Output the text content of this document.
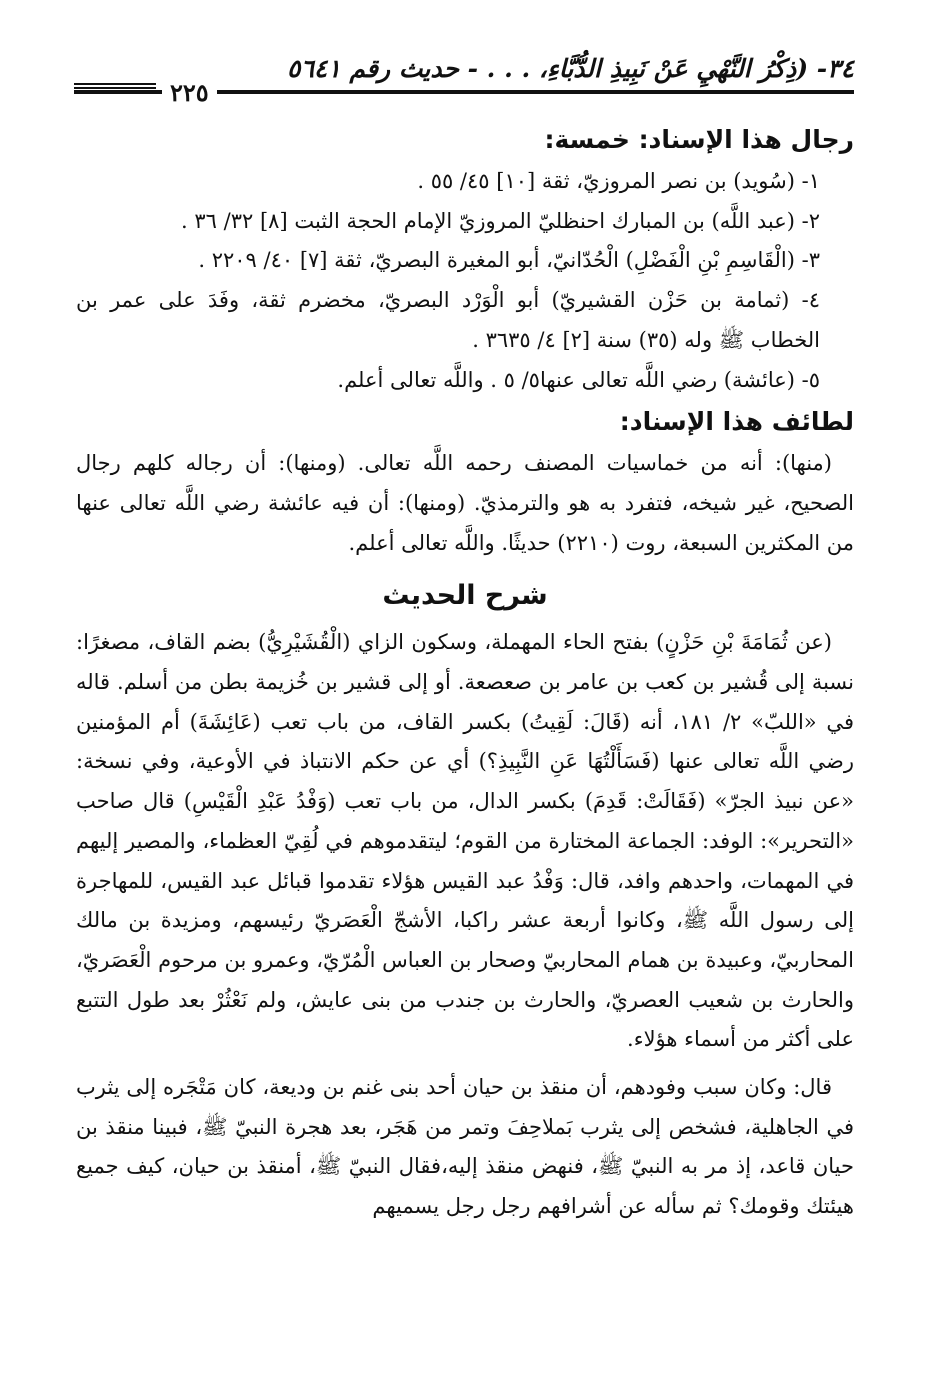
٣٤- (ذِكْرُ النَّهْيِ عَنْ نَبِيذِ الدُّبَّاءِ، . . . - حديث رقم ٥٦٤١
٢٢٥

رجال هذا الإسناد: خمسة:

١- (سُويد) بن نصر المروزيّ، ثقة [١٠] ٤٥/ ٥٥ .

٢- (عبد اللَّه) بن المبارك احنظليّ المروزيّ الإمام الحجة الثبت [٨] ٣٢/ ٣٦ .

٣- (الْقَاسِمِ بْنِ الْفَضْلِ) الْحُدّانيّ، أبو المغيرة البصريّ، ثقة [٧] ٤٠/ ٢٢٠٩ .

٤- (ثمامة بن حَزْن القشيريّ) أبو الْوَرْد البصريّ، مخضرم ثقة، وفَدَ على عمر بن الخطاب ﷺ وله (٣٥) سنة [٢] ٤/ ٣٦٣٥ .

٥- (عائشة) رضي اللَّه تعالى عنها٥/ ٥ . واللَّه تعالى أعلم.

لطائف هذا الإسناد:

(منها): أنه من خماسيات المصنف رحمه اللَّه تعالى. (ومنها): أن رجاله كلهم رجال الصحيح، غير شيخه، فتفرد به هو والترمذيّ. (ومنها): أن فيه عائشة رضي اللَّه تعالى عنها من المكثرين السبعة، روت (٢٢١٠) حديثًا. واللَّه تعالى أعلم.

شرح الحديث

(عن ثُمَامَةَ بْنِ حَزْنٍ) بفتح الحاء المهملة، وسكون الزاي (الْقُشَيْرِيُّ) بضم القاف، مصغرًا: نسبة إلى قُشير بن كعب بن عامر بن صعصعة. أو إلى قشير بن خُزيمة بطن من أسلم. قاله في «اللبّ» ٢/ ١٨١، أنه (قَالَ: لَقِيتُ) بكسر القاف، من باب تعب (عَائِشَةَ) أم المؤمنين رضي اللَّه تعالى عنها (فَسَأَلْتُهَا عَنِ النَّبِيذِ؟) أي عن حكم الانتباذ في الأوعية، وفي نسخة: «عن نبيذ الجرّ» (فَقَالَتْ: قَدِمَ) بكسر الدال، من باب تعب (وَفْدُ عَبْدِ الْقَيْسِ) قال صاحب «التحرير»: الوفد: الجماعة المختارة من القوم؛ ليتقدموهم في لُقِيّ العظماء، والمصير إليهم في المهمات، واحدهم وافد، قال: وَفْدُ عبد القيس هؤلاء تقدموا قبائل عبد القيس، للمهاجرة إلى رسول اللَّه ﷺ، وكانوا أربعة عشر راكبا، الأشجّ الْعَصَريّ رئيسهم، ومزيدة بن مالك المحاربيّ، وعبيدة بن همام المحاربيّ وصحار بن العباس الْمُرّيّ، وعمرو بن مرحوم الْعَصَريّ، والحارث بن شعيب العصريّ، والحارث بن جندب من بنى عايش، ولم نَعْثُرْ بعد طول التتبع على أكثر من أسماء هؤلاء.

قال: وكان سبب وفودهم، أن منقذ بن حيان أحد بنى غنم بن وديعة، كان مَتْجَره إلى يثرب في الجاهلية، فشخص إلى يثرب بَملاحِفَ وتمر من هَجَر، بعد هجرة النبيّ ﷺ، فبينا منقذ بن حيان قاعد، إذ مر به النبيّ ﷺ، فنهض منقذ إليه،فقال النبيّ ﷺ، أمنقذ بن حيان، كيف جميع هيئتك وقومك؟ ثم سأله عن أشرافهم رجل رجل يسميهم
